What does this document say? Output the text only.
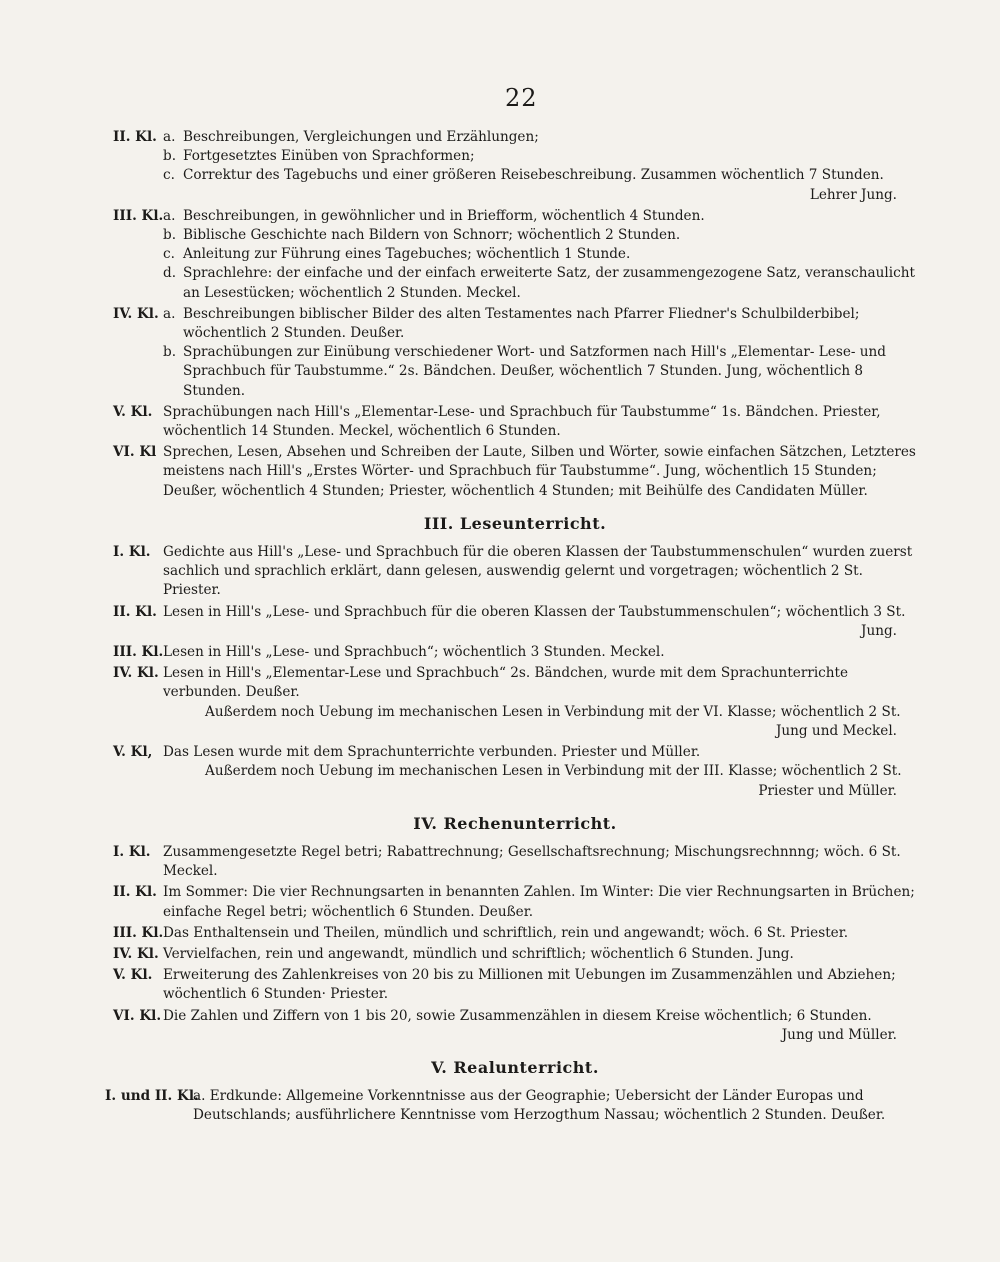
22
II. Kl. a. Beschreibungen, Vergleichungen und Erzählungen;
b. Fortgesetztes Einüben von Sprachformen;
c. Correktur des Tagebuchs und einer größeren Reisebeschreibung. Zusammen wöchentlich 7 Stunden.
Lehrer Jung.
III. Kl. a. Beschreibungen, in gewöhnlicher und in Briefform, wöchentlich 4 Stunden.
b. Biblische Geschichte nach Bildern von Schnorr; wöchentlich 2 Stunden.
c. Anleitung zur Führung eines Tagebuches; wöchentlich 1 Stunde.
d. Sprachlehre: der einfache und der einfach erweiterte Satz, der zusammengezogene Satz, veranschaulicht an Lesestücken; wöchentlich 2 Stunden. Meckel.
IV. Kl. a. Beschreibungen biblischer Bilder des alten Testamentes nach Pfarrer Fliedner's Schulbilderbibel; wöchentlich 2 Stunden. Deußer.
b. Sprachübungen zur Einübung verschiedener Wort- und Satzformen nach Hill's „Elementar- Lese- und Sprachbuch für Taubstumme.“ 2s. Bändchen. Deußer, wöchentlich 7 Stunden. Jung, wöchentlich 8 Stunden.
V. Kl. Sprachübungen nach Hill's „Elementar-Lese- und Sprachbuch für Taubstumme“ 1s. Bändchen. Priester, wöchentlich 14 Stunden. Meckel, wöchentlich 6 Stunden.
VI. Kl Sprechen, Lesen, Absehen und Schreiben der Laute, Silben und Wörter, sowie einfachen Sätzchen, Letzteres meistens nach Hill's „Erstes Wörter- und Sprachbuch für Taubstumme“. Jung, wöchentlich 15 Stunden; Deußer, wöchentlich 4 Stunden; Priester, wöchentlich 4 Stunden; mit Beihülfe des Candidaten Müller.
III. Leseunterricht.
I. Kl. Gedichte aus Hill's „Lese- und Sprachbuch für die oberen Klassen der Taubstummenschulen“ wurden zuerst sachlich und sprachlich erklärt, dann gelesen, auswendig gelernt und vorgetragen; wöchentlich 2 St. Priester.
II. Kl. Lesen in Hill's „Lese- und Sprachbuch für die oberen Klassen der Taubstummenschulen“; wöchentlich 3 St.
Jung.
III. Kl. Lesen in Hill's „Lese- und Sprachbuch“; wöchentlich 3 Stunden. Meckel.
IV. Kl. Lesen in Hill's „Elementar-Lese und Sprachbuch“ 2s. Bändchen, wurde mit dem Sprachunterrichte verbunden. Deußer.
Außerdem noch Uebung im mechanischen Lesen in Verbindung mit der VI. Klasse; wöchentlich 2 St.
Jung und Meckel.
V. Kl, Das Lesen wurde mit dem Sprachunterrichte verbunden. Priester und Müller.
Außerdem noch Uebung im mechanischen Lesen in Verbindung mit der III. Klasse; wöchentlich 2 St.
Priester und Müller.
IV. Rechenunterricht.
I. Kl. Zusammengesetzte Regel betri; Rabattrechnung; Gesellschaftsrechnung; Mischungsrechnnng; wöch. 6 St. Meckel.
II. Kl. Im Sommer: Die vier Rechnungsarten in benannten Zahlen. Im Winter: Die vier Rechnungsarten in Brüchen; einfache Regel betri; wöchentlich 6 Stunden. Deußer.
III. Kl. Das Enthaltensein und Theilen, mündlich und schriftlich, rein und angewandt; wöch. 6 St. Priester.
IV. Kl. Vervielfachen, rein und angewandt, mündlich und schriftlich; wöchentlich 6 Stunden. Jung.
V. Kl. Erweiterung des Zahlenkreises von 20 bis zu Millionen mit Uebungen im Zusammenzählen und Abziehen; wöchentlich 6 Stunden· Priester.
VI. Kl. Die Zahlen und Ziffern von 1 bis 20, sowie Zusammenzählen in diesem Kreise wöchentlich; 6 Stunden.
Jung und Müller.
V. Realunterricht.
I. und II. Kl.
a. Erdkunde: Allgemeine Vorkenntnisse aus der Geographie; Uebersicht der Länder Europas und Deutschlands; ausführlichere Kenntnisse vom Herzogthum Nassau; wöchentlich 2 Stunden. Deußer.
